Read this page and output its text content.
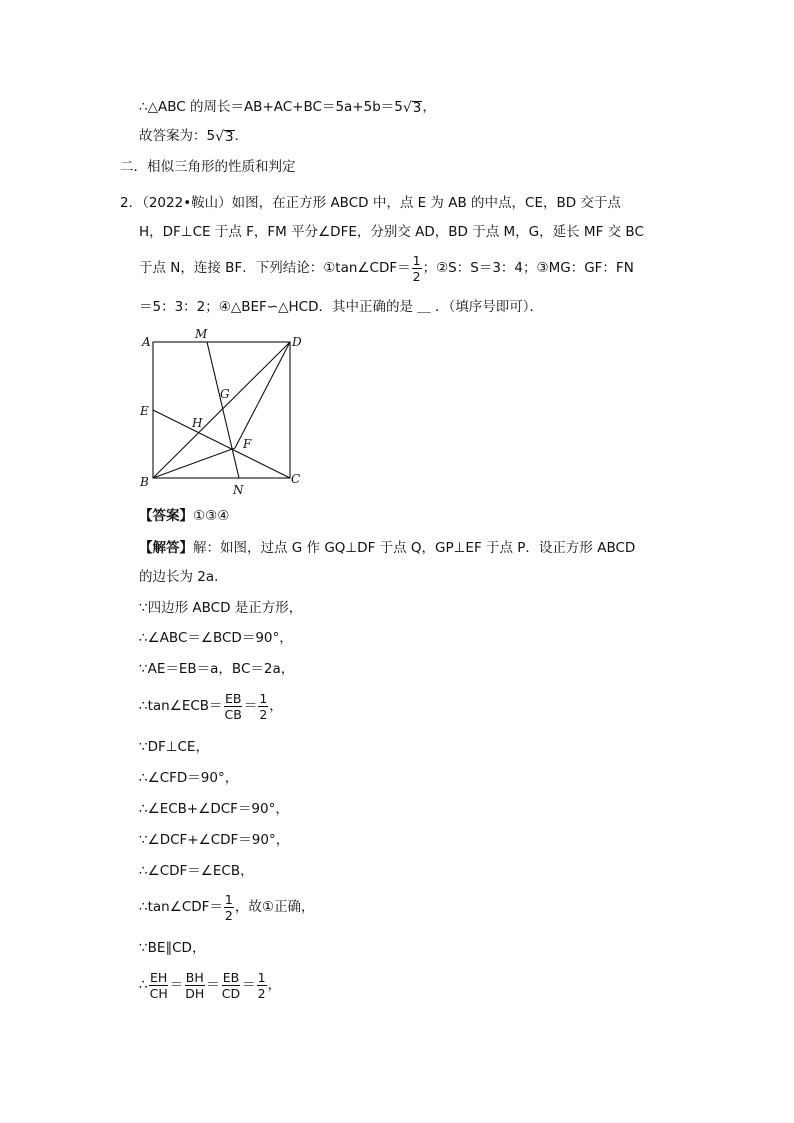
∴△ABC 的周长＝AB+AC+BC＝5a+5b＝5 √ 3 ，
故答案为：5 √ 3 ．
二．相似三角形的性质和判定
2．（2022•鞍山）如图，在正方形 ABCD 中，点 E 为 AB 的中点，CE，BD 交于点
H，DF⊥CE 于点 F，FM 平分∠DFE，分别交 AD，BD 于点 M，G，延长 MF 交 BC
于点 N，连接 BF．下列结论：①tan∠CDF＝ $\frac{1}{2}$ ；②S：S＝3：4；③MG：GF：FN
＝5：3：2；④△BEF∽△HCD．其中正确的是 ＿ ．（填序号即可）．
A
B	C
D
E
F
G
H
M
N
【答案】 ①③④
【解答】 解：如图，过点 G 作 GQ⊥DF 于点 Q，GP⊥EF 于点 P．设正方形 ABCD
的边长为 2a．
∵四边形 ABCD 是正方形，
∴∠ABC＝∠BCD＝90°，
∵AE＝EB＝a，BC＝2a，
∴tan∠ECB＝ $\frac{EB}{CB} = \frac{1}{2}$ ，
∵DF⊥CE，
∴∠CFD＝90°，
∴∠ECB+∠DCF＝90°，
∵∠DCF+∠CDF＝90°，
∴∠CDF＝∠ECB，
∴tan∠CDF＝ $\frac{1}{2}$ ，故①正确，
∵BE∥CD，
∴ $\frac{EH}{CH} = \frac{BH}{DH} = \frac{EB}{CD} = \frac{1}{2}$ ，
